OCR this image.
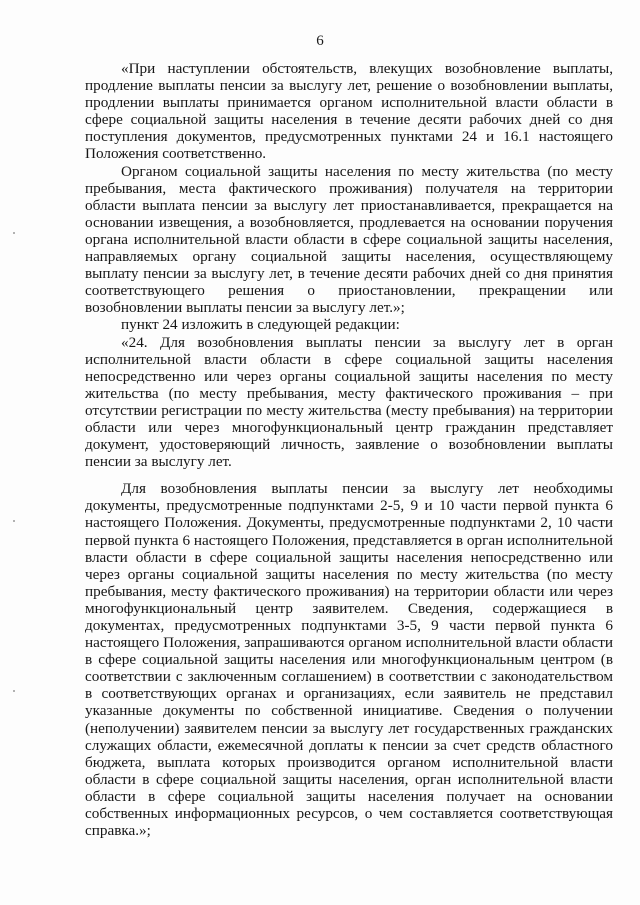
6

«При наступлении обстоятельств, влекущих возобновление выплаты, продление выплаты пенсии за выслугу лет, решение о возобновлении выплаты, продлении выплаты принимается органом исполнительной власти области в сфере социальной защиты населения в течение десяти рабочих дней со дня поступления документов, предусмотренных пунктами 24 и 16.1 настоящего Положения соответственно.

Органом социальной защиты населения по месту жительства (по месту пребывания, места фактического проживания) получателя на территории области выплата пенсии за выслугу лет приостанавливается, прекращается на основании извещения, а возобновляется, продлевается на основании поручения органа исполнительной власти области в сфере социальной защиты населения, направляемых органу социальной защиты населения, осуществляющему выплату пенсии за выслугу лет, в течение десяти рабочих дней со дня принятия соответствующего решения о приостановлении, прекращении или возобновлении выплаты пенсии за выслугу лет.»;

пункт 24 изложить в следующей редакции:

«24. Для возобновления выплаты пенсии за выслугу лет в орган исполнительной власти области в сфере социальной защиты населения непосредственно или через органы социальной защиты населения по месту жительства (по месту пребывания, месту фактического проживания – при отсутствии регистрации по месту жительства (месту пребывания) на территории области или через многофункциональный центр гражданин представляет документ, удостоверяющий личность, заявление о возобновлении выплаты пенсии за выслугу лет.

Для возобновления выплаты пенсии за выслугу лет необходимы документы, предусмотренные подпунктами 2-5, 9 и 10 части первой пункта 6 настоящего Положения. Документы, предусмотренные подпунктами 2, 10 части первой пункта 6 настоящего Положения, представляется в орган исполнительной власти области в сфере социальной защиты населения непосредственно или через органы социальной защиты населения по месту жительства (по месту пребывания, месту фактического проживания) на территории области или через многофункциональный центр заявителем. Сведения, содержащиеся в документах, предусмотренных подпунктами 3-5, 9 части первой пункта 6 настоящего Положения, запрашиваются органом исполнительной власти области в сфере социальной защиты населения или многофункциональным центром (в соответствии с заключенным соглашением) в соответствии с законодательством в соответствующих органах и организациях, если заявитель не представил указанные документы по собственной инициативе. Сведения о получении (неполучении) заявителем пенсии за выслугу лет государственных гражданских служащих области, ежемесячной доплаты к пенсии за счет средств областного бюджета, выплата которых производится органом исполнительной власти области в сфере социальной защиты населения, орган исполнительной власти области в сфере социальной защиты населения получает на основании собственных информационных ресурсов, о чем составляется соответствующая справка.»;
